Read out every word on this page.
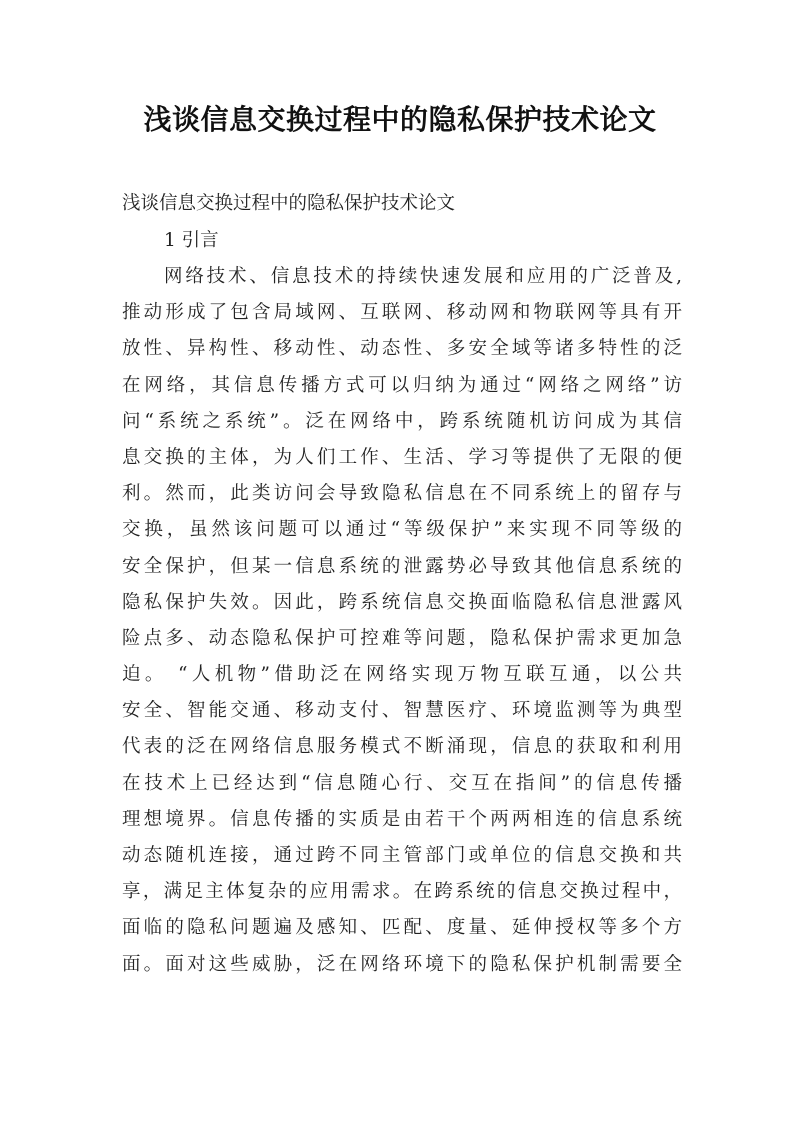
浅谈信息交换过程中的隐私保护技术论文

浅谈信息交换过程中的隐私保护技术论文

1 引言

网络技术、信息技术的持续快速发展和应用的广泛普及,
推动形成了包含局域网、互联网、移动网和物联网等具有开
放性、异构性、移动性、动态性、多安全域等诸多特性的泛
在网络，其信息传播方式可以归纳为通过“网络之网络”访
问“系统之系统”。泛在网络中，跨系统随机访问成为其信
息交换的主体，为人们工作、生活、学习等提供了无限的便
利。然而，此类访问会导致隐私信息在不同系统上的留存与
交换，虽然该问题可以通过“等级保护”来实现不同等级的
安全保护，但某一信息系统的泄露势必导致其他信息系统的
隐私保护失效。因此，跨系统信息交换面临隐私信息泄露风
险点多、动态隐私保护可控难等问题，隐私保护需求更加急
迫。 “人机物”借助泛在网络实现万物互联互通，以公共
安全、智能交通、移动支付、智慧医疗、环境监测等为典型
代表的泛在网络信息服务模式不断涌现，信息的获取和利用
在技术上已经达到“信息随心行、交互在指间”的信息传播
理想境界。信息传播的实质是由若干个两两相连的信息系统
动态随机连接，通过跨不同主管部门或单位的信息交换和共
享，满足主体复杂的应用需求。在跨系统的信息交换过程中，
面临的隐私问题遍及感知、匹配、度量、延伸授权等多个方
面。面对这些威胁，泛在网络环境下的隐私保护机制需要全
